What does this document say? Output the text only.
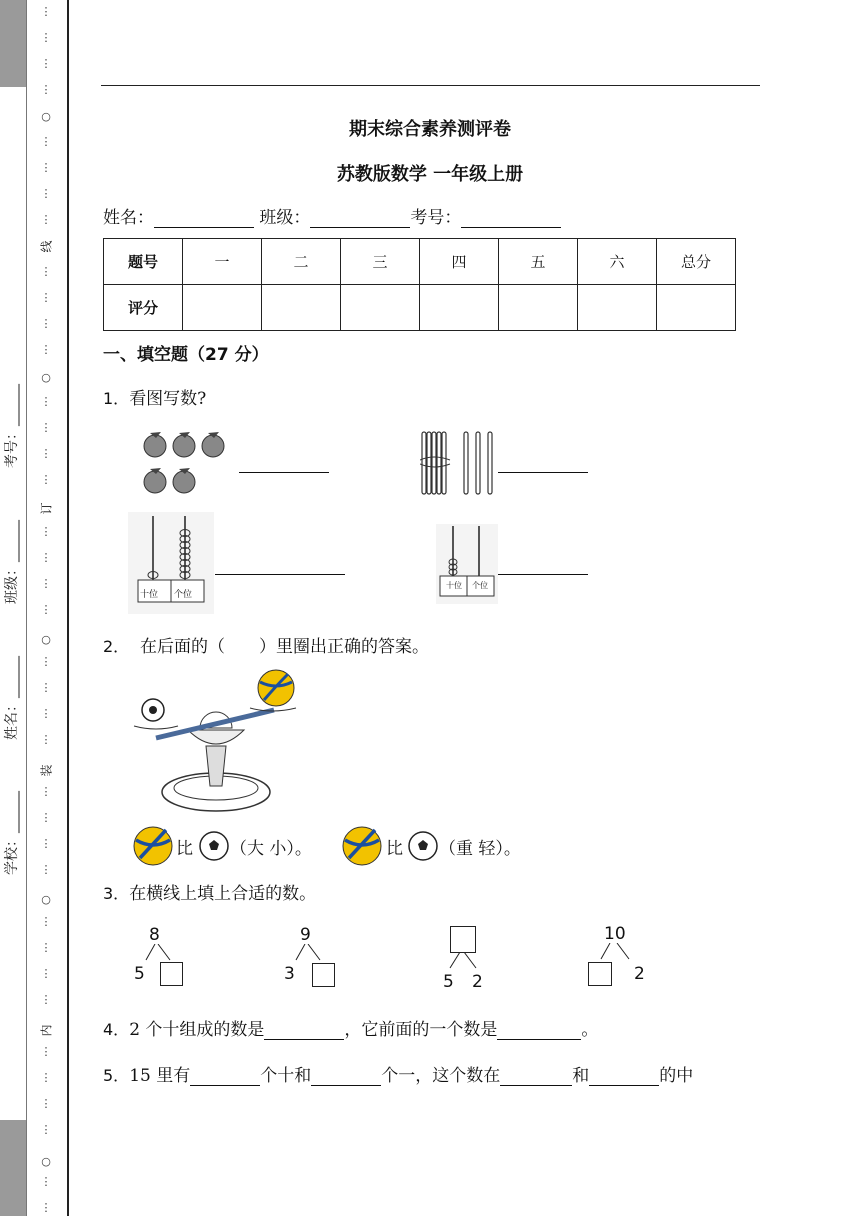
⋮
⋮
⋮
⋮
⋮
⋮
⋮
⋮
⋮
⋮
⋮
⋮
⋮
⋮
⋮
⋮
⋮
⋮
⋮
⋮
⋮
⋮
⋮
⋮
⋮
⋮
⋮
⋮
⋮
⋮
⋮
⋮
⋮
⋮
⋮
⋮
⋮
⋮
○
○
○
○
○
学校：______
姓名：______
班级：______
考号：______
线
订
装
内
期末综合素养测评卷
苏教版数学 一年级上册
姓名：	班级：	考号：
题号	一	二	三	四	五	六	总分
评分							
一、填空题（27 分）
1．看图写数?
十位 个位
十位 个位
2． 在后面的（　　）里圈出正确的答案。
比 （大 小）。	比 （重 轻）。
3．在横线上填上合适的数。
8
5
9
3	5 2
10
2
4．2 个十组成的数是	，它前面的一个数是	。
5．15 里有	个十和	个一，这个数在	和	的中
